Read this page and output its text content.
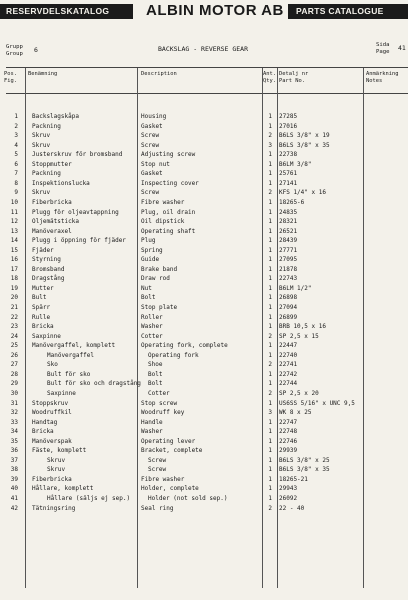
RESERVDELSKATALOG	ALBIN MOTOR AB	PARTS CATALOGUE
Grupp
Group 6	BACKSLAG - REVERSE GEAR	Sida
Page 41
Pos.
Fig.
Benämning	Description	Ant.
Qty.
Detalj nr
Part No.
Anmärkning
Notes
1 Backslagskåpa	Housing	1 27285
2 Packning	Gasket	1 27016
3 Skruv	Screw	2 B6LS 3/8" x 19
4 Skruv	Screw	3 B6LS 3/8" x 35
5 Justerskruv för bromsband	Adjusting screw	1 22738
6 Stoppmutter	Stop nut	1 B6LM 3/8"
7 Packning	Gasket	1 25761
8 Inspektionslucka	Inspecting cover	1 27141
9 Skruv	Screw	2 KFS 1/4" x 16
10 Fiberbricka	Fibre washer	1 18265-6
11 Plugg för oljeavtappning	Plug, oil drain	1 24835
12 Oljemätsticka	Oil dipstick	1 28321
13 Manöveraxel	Operating shaft	1 26521
14 Plugg i öppning för fjäder	Plug	1 28439
15 Fjäder	Spring	1 27771
16 Styrning	Guide	1 27095
17 Bromsband	Brake band	1 21878
18 Dragstång	Draw rod	1 22743
19 Mutter	Nut	1 B6LM 1/2"
20 Bult	Bolt	1 26898
21 Spärr	Stop plate	1 27094
22 Rulle	Roller	1 26899
23 Bricka	Washer	1 BRB 10,5 x 16
24 Saxpinne	Cotter	2 SP 2,5 x 15
25 Manövergaffel, komplett	Operating fork, complete	1 22447
26	Manövergaffel	Operating fork	1 22740
27	Sko	Shoe	2 22741
28	Bult för sko	Bolt	1 22742
29	Bult för sko och dragstång Bolt	1 22744
30	Saxpinne	Cotter	2 SP 2,5 x 20
31 Stoppskruv	Stop screw	1 US6SS 5/16" x UNC 9,5
32 Woodruffkil	Woodruff key	3 WK 8 x 25
33 Handtag	Handle	1 22747
34 Bricka	Washer	1 22748
35 Manöverspak	Operating lever	1 22746
36 Fäste, komplett	Bracket, complete	1 29939
37	Skruv	Screw	1 B6LS 3/8" x 25
38	Skruv	Screw	1 B6LS 3/8" x 35
39 Fiberbricka	Fibre washer	1 18265-21
40 Hållare, komplett	Holder, complete	1 29943
41	Hållare (säljs ej sep.)	Holder (not sold sep.)	1 26092
42 Tätningsring	Seal ring	2 22 - 40
